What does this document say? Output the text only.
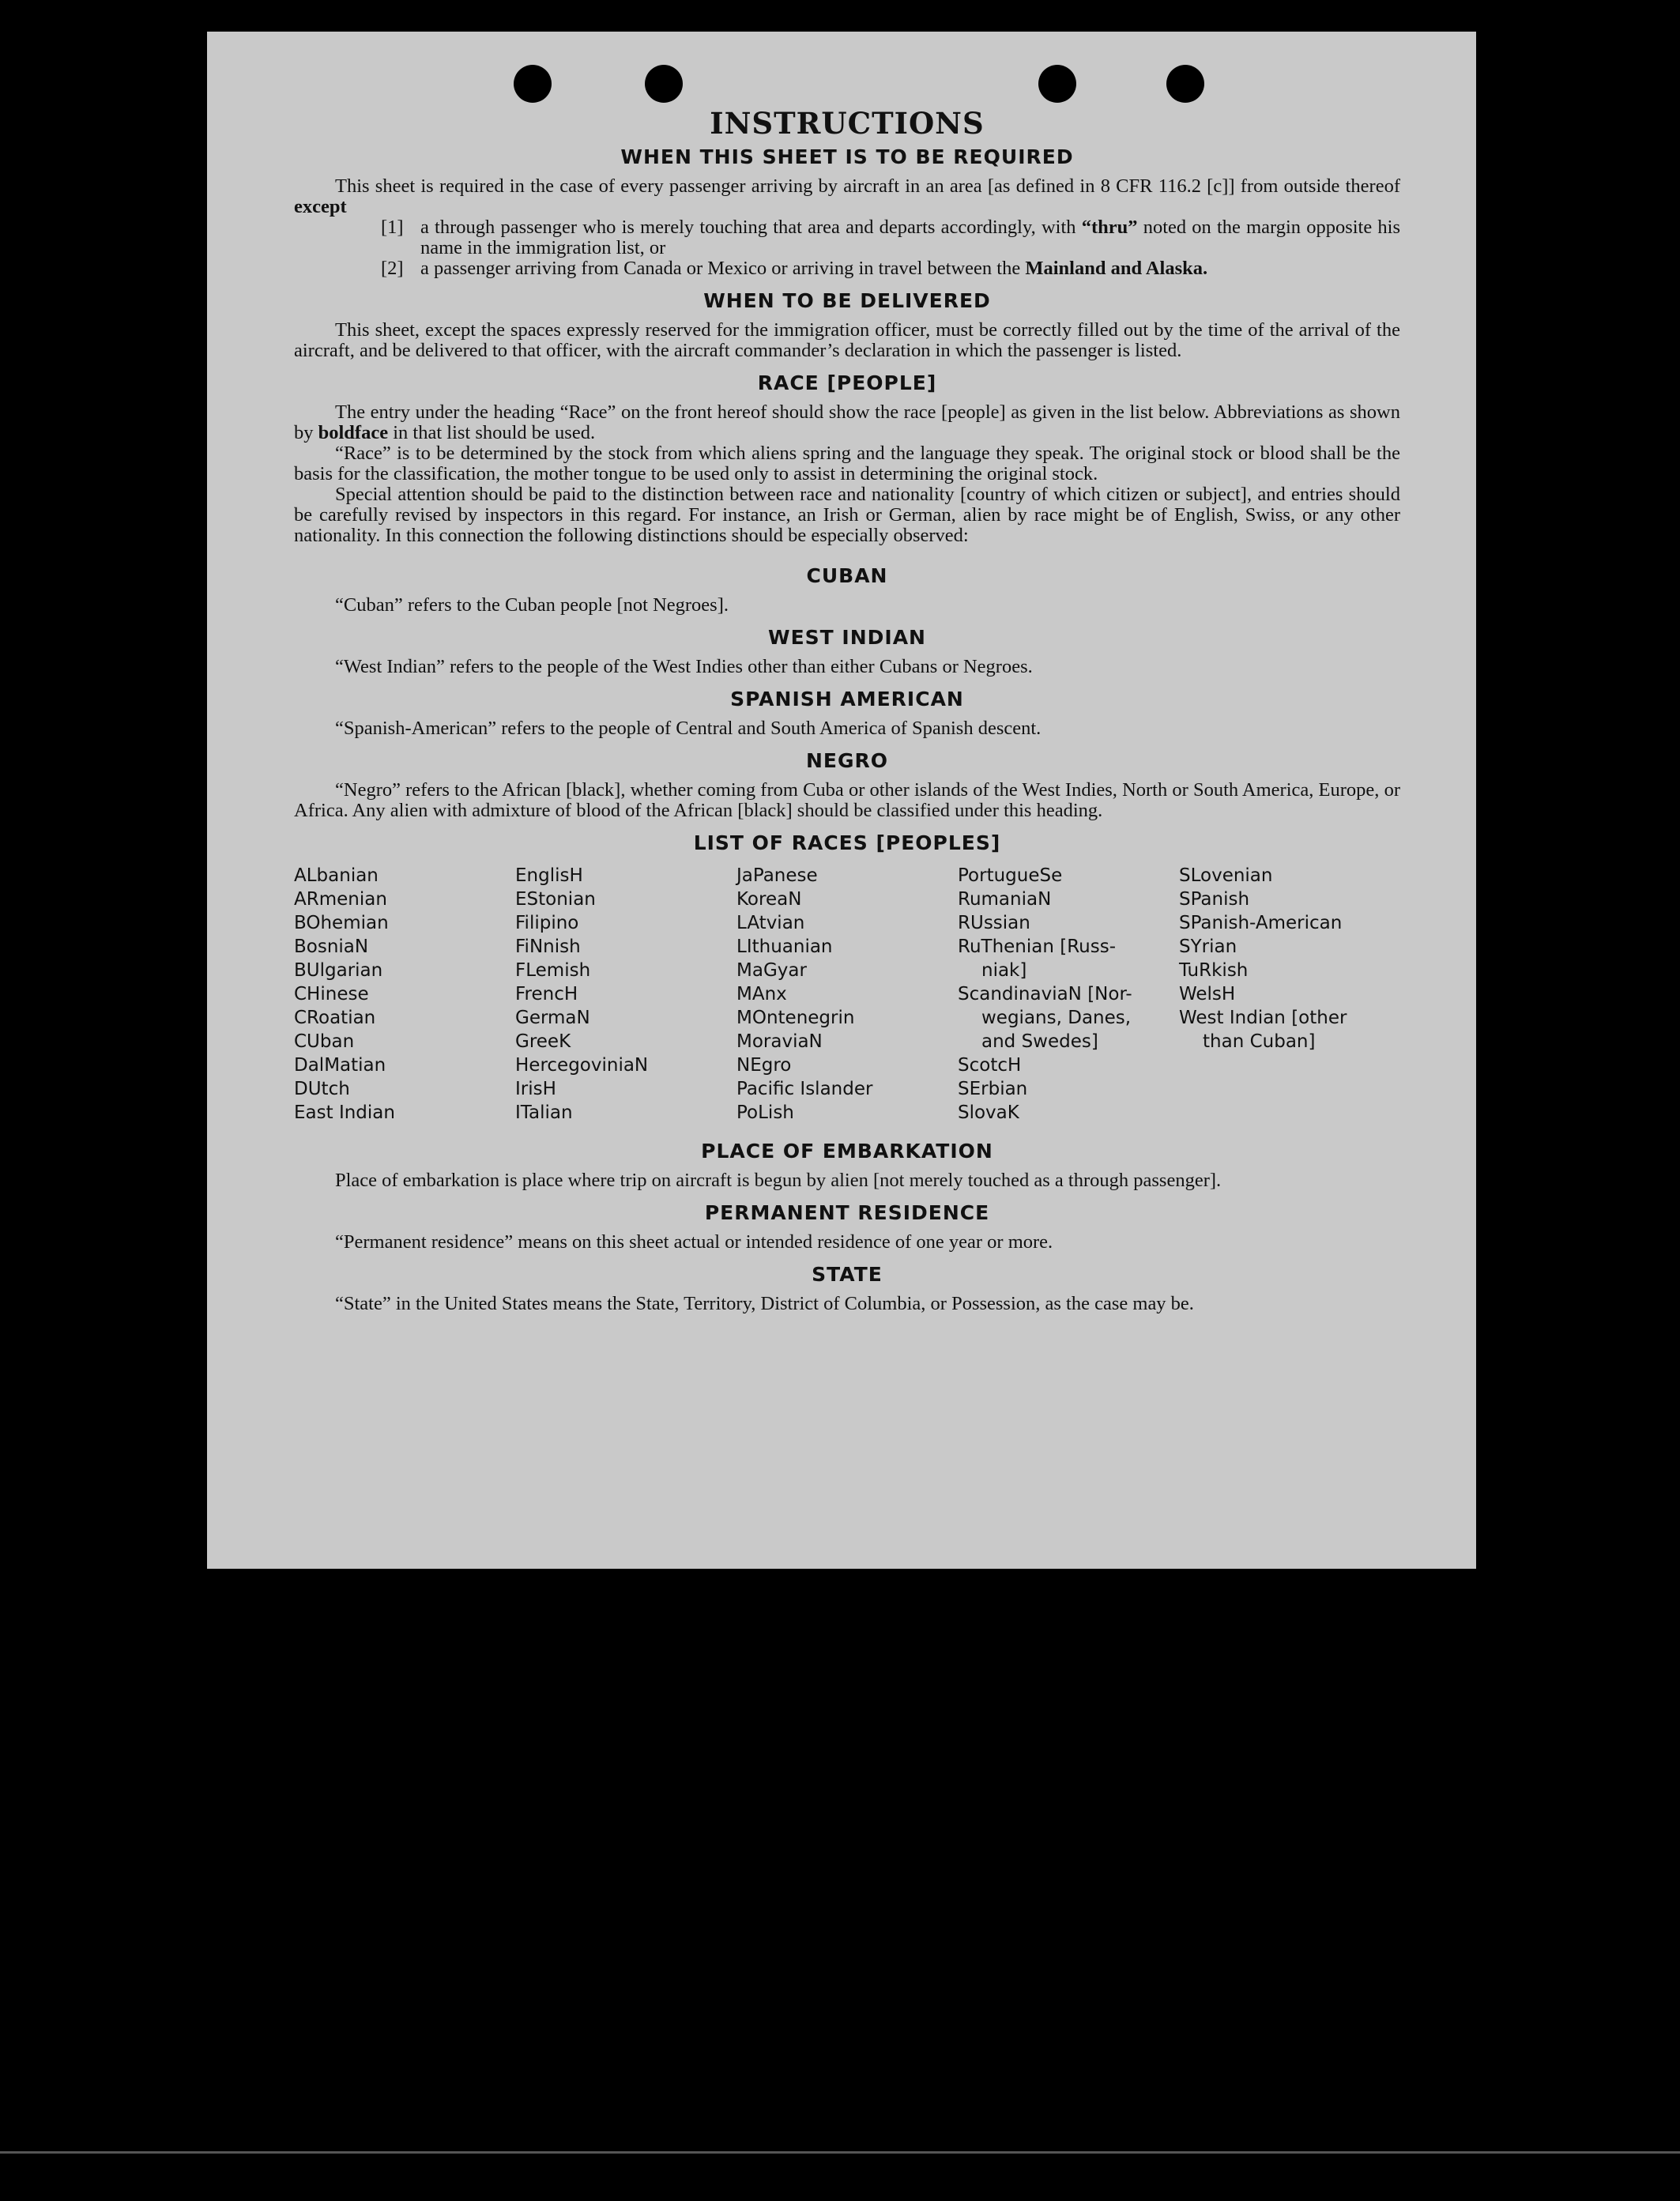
INSTRUCTIONS
WHEN THIS SHEET IS TO BE REQUIRED

This sheet is required in the case of every passenger arriving by aircraft in an area [as defined in 8 CFR 116.2 [c]] from outside thereof except

[1] a through passenger who is merely touching that area and departs accordingly, with “thru” noted on the margin opposite his name in the immigration list, or
[2] a passenger arriving from Canada or Mexico or arriving in travel between the Mainland and Alaska.
WHEN TO BE DELIVERED

This sheet, except the spaces expressly reserved for the immigration officer, must be correctly filled out by the time of the arrival of the aircraft, and be delivered to that officer, with the aircraft commander’s declaration in which the passenger is listed.

RACE [PEOPLE]

The entry under the heading “Race” on the front hereof should show the race [people] as given in the list below. Abbreviations as shown by boldface in that list should be used.

“Race” is to be determined by the stock from which aliens spring and the language they speak. The original stock or blood shall be the basis for the classification, the mother tongue to be used only to assist in determining the original stock.

Special attention should be paid to the distinction between race and nationality [country of which citizen or subject], and entries should be carefully revised by inspectors in this regard. For instance, an Irish or German, alien by race might be of English, Swiss, or any other nationality. In this connection the following distinctions should be especially observed:

CUBAN

“Cuban” refers to the Cuban people [not Negroes].

WEST INDIAN

“West Indian” refers to the people of the West Indies other than either Cubans or Negroes.

SPANISH AMERICAN

“Spanish-American” refers to the people of Central and South America of Spanish descent.

NEGRO

“Negro” refers to the African [black], whether coming from Cuba or other islands of the West Indies, North or South America, Europe, or Africa. Any alien with admixture of blood of the African [black] should be classified under this heading.

LIST OF RACES [PEOPLES]
ALbanian
ARmenian
BOhemian
BosniaN
BUlgarian
CHinese
CRoatian
CUban
DalMatian
DUtch
East Indian
EnglisH
EStonian
Filipino
FiNnish
FLemish
FrencH
GermaN
GreeK
HercegoviniaN
IrisH
ITalian
JaPanese
KoreaN
LAtvian
LIthuanian
MaGyar
MAnx
MOntenegrin
MoraviaN
NEgro
Pacific Islander
PoLish
PortugueSe
RumaniaN
RUssian
RuThenian [Russ-
niak]
ScandinaviaN [Nor-
wegians, Danes,
and Swedes]
ScotcH
SErbian
SlovaK
SLovenian
SPanish
SPanish-American
SYrian
TuRkish
WelsH
West Indian [other
than Cuban]
PLACE OF EMBARKATION

Place of embarkation is place where trip on aircraft is begun by alien [not merely touched as a through passenger].

PERMANENT RESIDENCE

“Permanent residence” means on this sheet actual or intended residence of one year or more.

STATE

“State” in the United States means the State, Territory, District of Columbia, or Possession, as the case may be.
